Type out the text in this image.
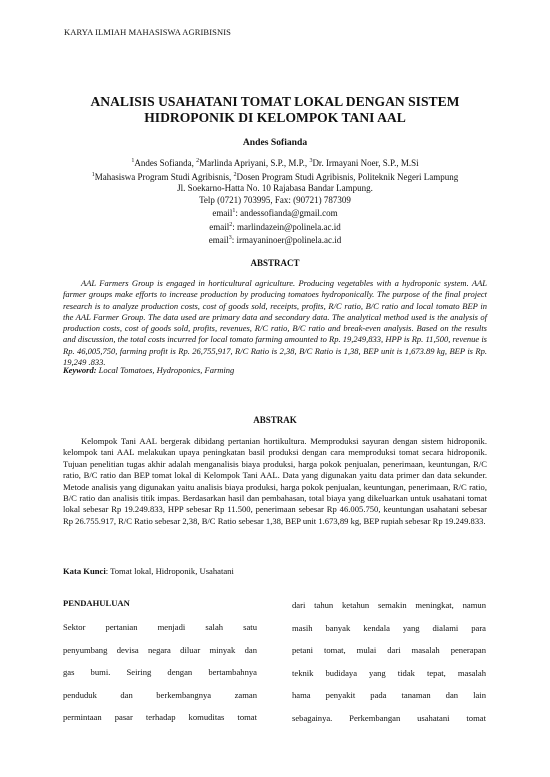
KARYA ILMIAH MAHASISWA AGRIBISNIS
ANALISIS USAHATANI TOMAT LOKAL DENGAN SISTEM
HIDROPONIK DI KELOMPOK TANI AAL
Andes Sofianda
$^1$Andes Sofianda, $^2$Marlinda Apriyani, S.P., M.P., $^3$Dr. Irmayani Noer, S.P., M.Si
$^1$Mahasiswa Program Studi Agribisnis, $^2$Dosen Program Studi Agribisnis, Politeknik Negeri Lampung
Jl. Soekarno-Hatta No. 10 Rajabasa Bandar Lampung.
Telp (0721) 703995, Fax: (90721) 787309
email$^1$: andessofianda@gmail.com
email$^2$: marlindazein@polinela.ac.id
email$^3$: irmayaninoer@polinela.ac.id
ABSTRACT
AAL Farmers Group is engaged in horticultural agriculture. Producing vegetables with a hydroponic system. AAL farmer groups make efforts to increase production by producing tomatoes hydroponically. The purpose of the final project research is to analyze production costs, cost of goods sold, receipts, profits, R/C ratio, B/C ratio and local tomato BEP in the AAL Farmer Group. The data used are primary data and secondary data. The analytical method used is the analysis of production costs, cost of goods sold, profits, revenues, R/C ratio, B/C ratio and break-even analysis. Based on the results and discussion, the total costs incurred for local tomato farming amounted to Rp. 19,249,833, HPP is Rp. 11,500, revenue is Rp. 46,005,750, farming profit is Rp. 26,755,917, R/C Ratio is 2,38, B/C Ratio is 1,38, BEP unit is 1,673.89 kg, BEP is Rp. 19,249 .833.
Keyword: Local Tomatoes, Hydroponics, Farming
ABSTRAK
Kelompok Tani AAL bergerak dibidang pertanian hortikultura. Memproduksi sayuran dengan sistem hidroponik. kelompok tani AAL melakukan upaya peningkatan basil produksi dengan cara memproduksi tomat secara hidroponik. Tujuan penelitian tugas akhir adalah menganalisis biaya produksi, harga pokok penjualan, penerimaan, keuntungan, R/C ratio, B/C ratio dan BEP tomat lokal di Kelompok Tani AAL. Data yang digunakan yaitu data primer dan data sekunder. Metode analisis yang digunakan yaitu analisis biaya produksi, harga pokok penjualan, keuntungan, penerimaan, R/C ratio, B/C ratio dan analisis titik impas. Berdasarkan hasil dan pembahasan, total biaya yang dikeluarkan untuk usahatani tomat lokal sebesar Rp 19.249.833, HPP sebesar Rp 11.500, penerimaan sebesar Rp 46.005.750, keuntungan usahatani sebesar Rp 26.755.917, R/C Ratio sebesar 2,38, B/C Ratio sebesar 1,38, BEP unit 1.673,89 kg, BEP rupiah sebesar Rp 19.249.833.
Kata Kunci: Tomat lokal, Hidroponik, Usahatani

PENDAHULUAN

Sektor pertanian menjadi salah satu

penyumbang devisa negara diluar minyak dan

gas bumi. Seiring dengan bertambahnya

penduduk dan berkembangnya zaman

permintaan pasar terhadap komuditas tomat

dari tahun ketahun semakin meningkat, namun

masih banyak kendala yang dialami para

petani tomat, mulai dari masalah penerapan

teknik budidaya yang tidak tepat, masalah

hama penyakit pada tanaman dan lain

sebagainya. Perkembangan usahatani tomat
